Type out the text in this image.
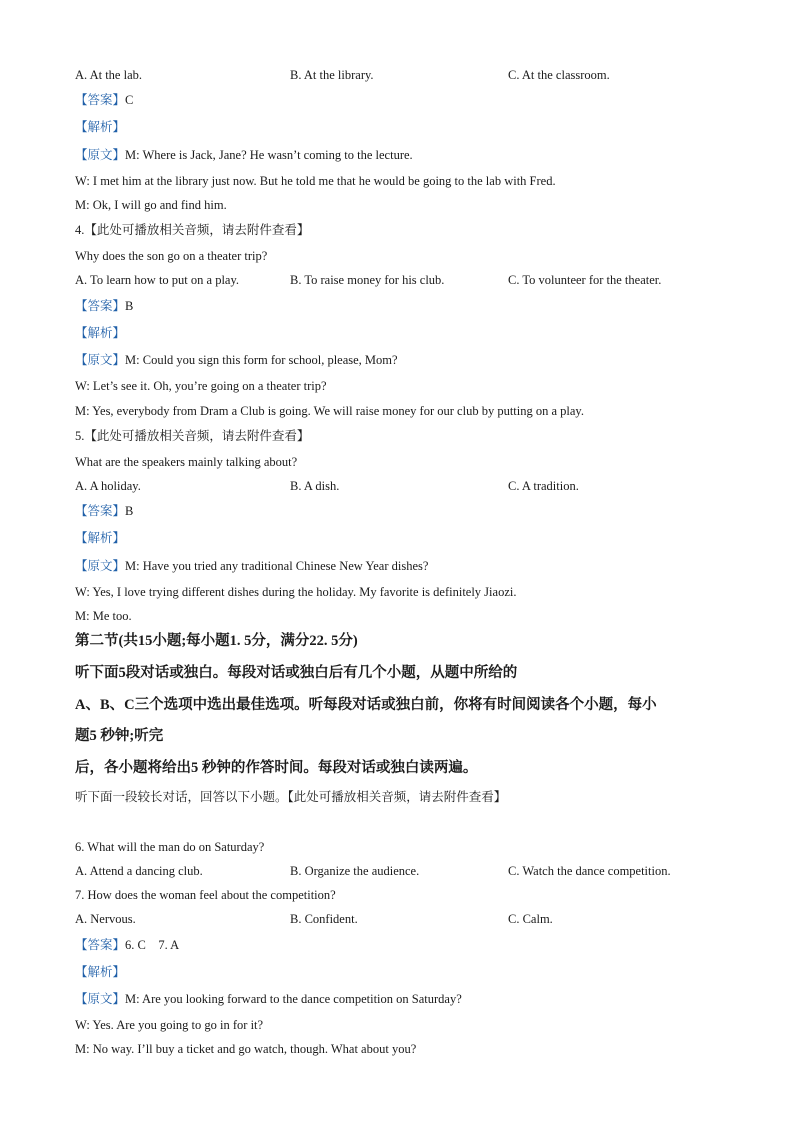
A. At the lab.	B. At the library.	C. At the classroom.
【答案】C
【解析】
【原文】M: Where is Jack, Jane? He wasn’t coming to the lecture.
W: I met him at the library just now. But he told me that he would be going to the lab with Fred.
M: Ok, I will go and find him.
4.【此处可播放相关音频，请去附件查看】
Why does the son go on a theater trip?
A. To learn how to put on a play.	B. To raise money for his club.	C. To volunteer for the theater.
【答案】B
【解析】
【原文】M: Could you sign this form for school, please, Mom?
W: Let’s see it. Oh, you’re going on a theater trip?
M: Yes, everybody from Dram a Club is going. We will raise money for our club by putting on a play.
5.【此处可播放相关音频，请去附件查看】
What are the speakers mainly talking about?
A. A holiday.	B. A dish.	C. A tradition.
【答案】B
【解析】
【原文】M: Have you tried any traditional Chinese New Year dishes?
W: Yes, I love trying different dishes during the holiday. My favorite is definitely Jiaozi.
M: Me too.
第二节(共15小题;每小题1. 5分，满分22. 5分)
听下面5段对话或独白。每段对话或独白后有几个小题，从题中所给的
A、B、C三个选项中选出最佳选项。听每段对话或独白前，你将有时间阅读各个小题，每小
题5 秒钟;听完
后，各小题将给出5 秒钟的作答时间。每段对话或独白读两遍。
听下面一段较长对话，回答以下小题。【此处可播放相关音频，请去附件查看】
6. What will the man do on Saturday?
A. Attend a dancing club.	B. Organize the audience.	C. Watch the dance competition.
7. How does the woman feel about the competition?
A. Nervous.	B. Confident.	C. Calm.
【答案】6. C    7. A
【解析】
【原文】M: Are you looking forward to the dance competition on Saturday?
W: Yes. Are you going to go in for it?
M: No way. I’ll buy a ticket and go watch, though. What about you?
